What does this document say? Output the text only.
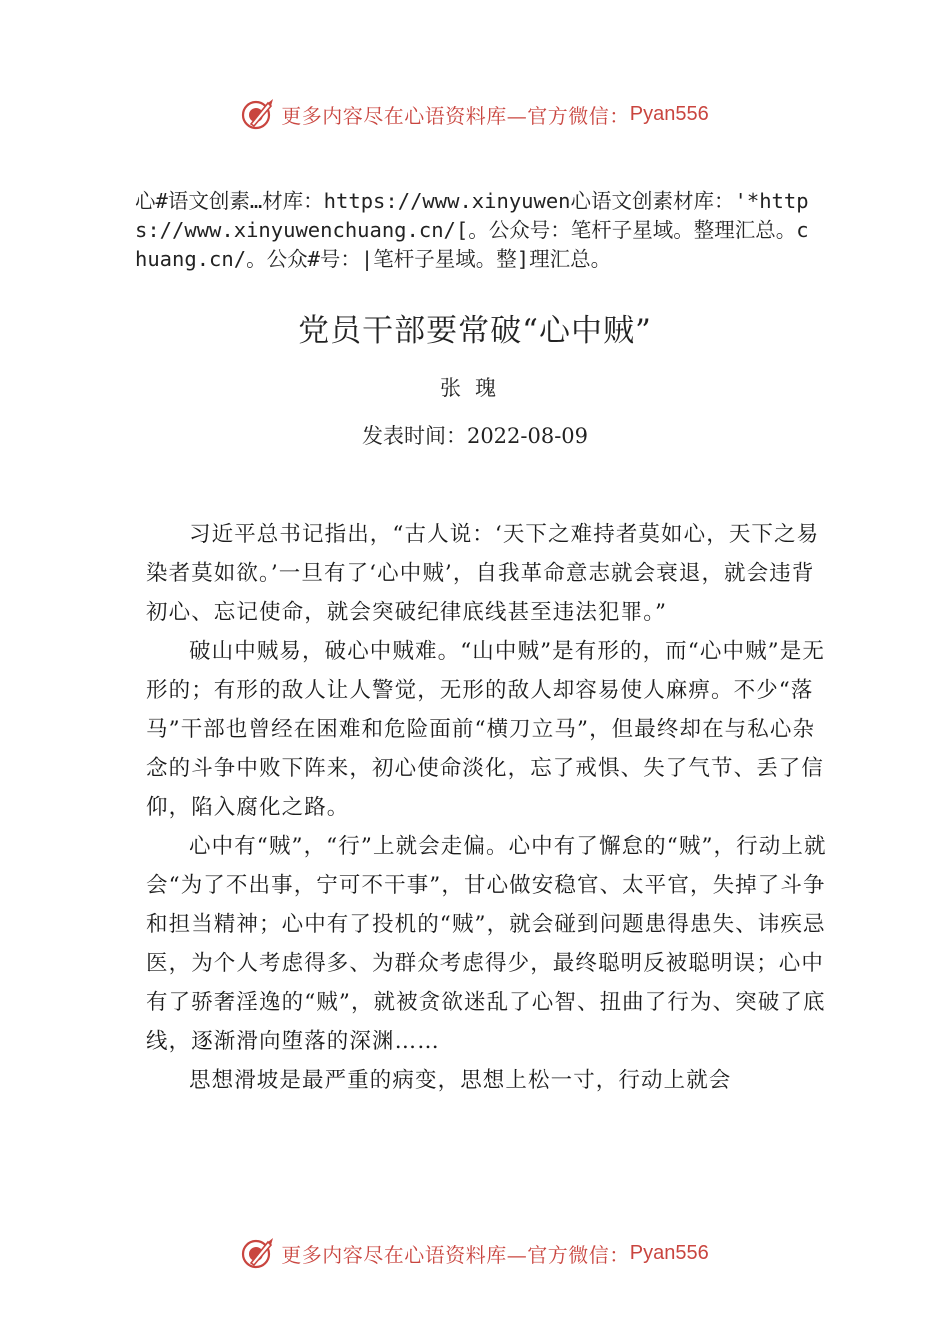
更多内容尽在心语资料库—官方微信： Pyan556
心#语文创素…材库：https://www.xinyuwen心语文创素材库：'*https://www.xinyuwenchuang.cn/[。公众号：笔杆子星域。整理汇总。chuang.cn/。公众#号：|笔杆子星域。整]理汇总。
党员干部要常破“心中贼”
张瑰
发表时间：2022-08-09

习近平总书记指出，“古人说：‘天下之难持者莫如心，天下之易染者莫如欲。’一旦有了‘心中贼’，自我革命意志就会衰退，就会违背初心、忘记使命，就会突破纪律底线甚至违法犯罪。”

破山中贼易，破心中贼难。“山中贼”是有形的，而“心中贼”是无形的；有形的敌人让人警觉，无形的敌人却容易使人麻痹。不少“落马”干部也曾经在困难和危险面前“横刀立马”，但最终却在与私心杂念的斗争中败下阵来，初心使命淡化，忘了戒惧、失了气节、丢了信仰，陷入腐化之路。

心中有“贼”，“行”上就会走偏。心中有了懈怠的“贼”，行动上就会“为了不出事，宁可不干事”，甘心做安稳官、太平官，失掉了斗争和担当精神；心中有了投机的“贼”，就会碰到问题患得患失、讳疾忌医，为个人考虑得多、为群众考虑得少，最终聪明反被聪明误；心中有了骄奢淫逸的“贼”，就被贪欲迷乱了心智、扭曲了行为、突破了底线，逐渐滑向堕落的深渊……

思想滑坡是最严重的病变，思想上松一寸，行动上就会

更多内容尽在心语资料库—官方微信： Pyan556
